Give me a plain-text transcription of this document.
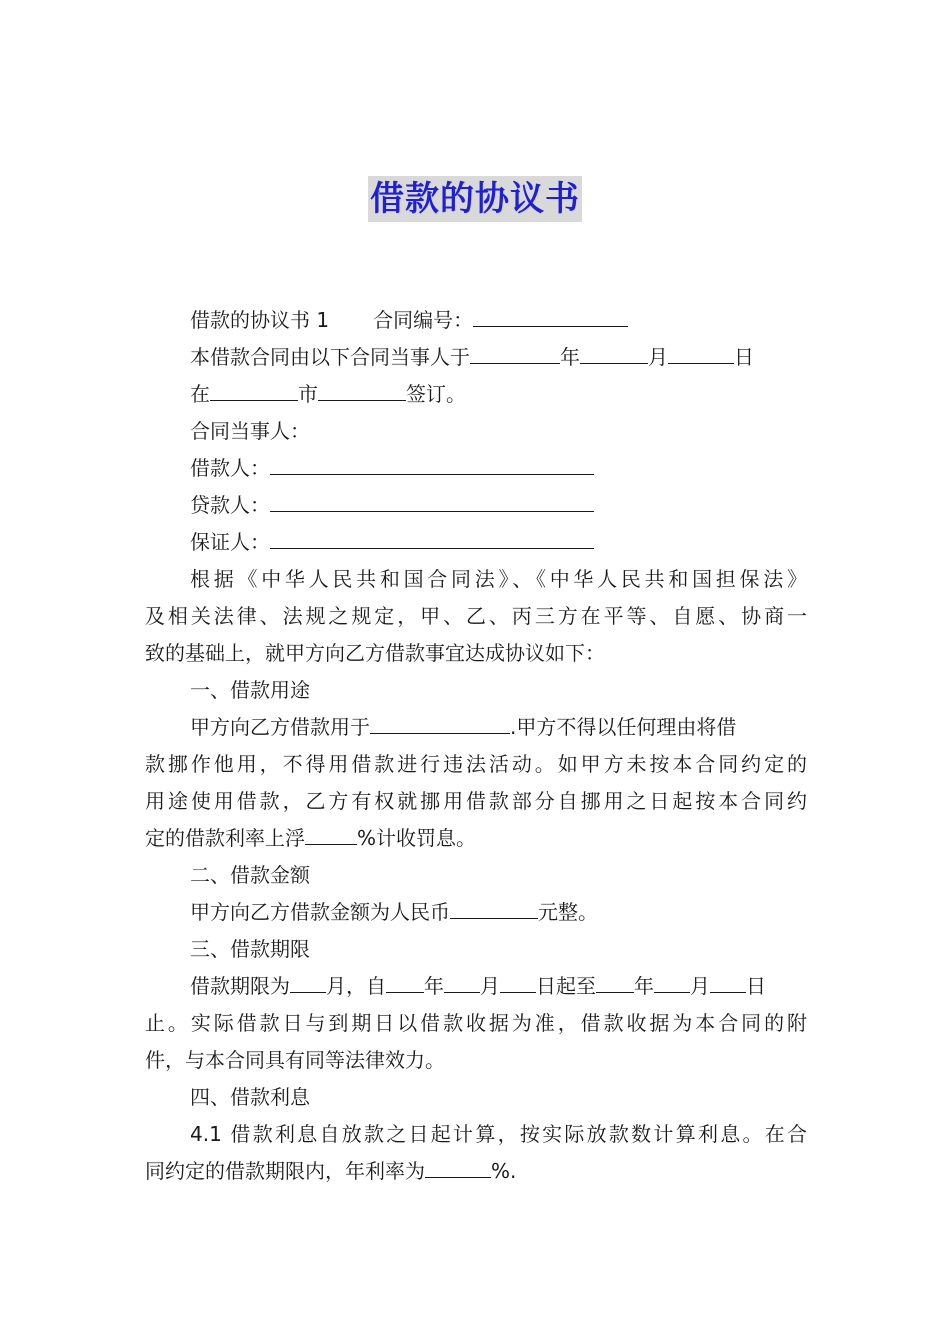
借款的协议书
借款的协议书 1 合同编号：
本借款合同由以下合同当事人于	年	月	日
在	市	签订。
合同当事人：
借款人：
贷款人：
保证人：
根据《中华人民共和国合同法》、《中华人民共和国担保法》
及相关法律、法规之规定，甲、乙、丙三方在平等、自愿、协商一
致的基础上，就甲方向乙方借款事宜达成协议如下：
一、借款用途
甲方向乙方借款用于	.甲方不得以任何理由将借
款挪作他用，不得用借款进行违法活动。如甲方未按本合同约定的
用途使用借款，乙方有权就挪用借款部分自挪用之日起按本合同约
定的借款利率上浮	%计收罚息。
二、借款金额
甲方向乙方借款金额为人民币	元整。
三、借款期限
借款期限为 月，自 年 月 日起至 年 月 日
止。实际借款日与到期日以借款收据为准，借款收据为本合同的附
件，与本合同具有同等法律效力。
四、借款利息
4.1 借款利息自放款之日起计算，按实际放款数计算利息。在合
同约定的借款期限内，年利率为	%.
